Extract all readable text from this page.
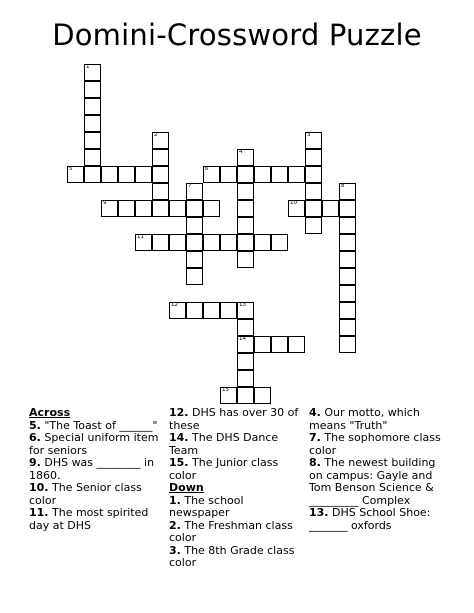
Domini-Crossword Puzzle
1
5
2
9
11
7
4
6
3
10
8
12	13
14
15
Across
5. "The Toast of ______"
6. Special uniform item for seniors
9. DHS was ________ in 1860.
10. The Senior class color
11. The most spirited day at DHS
12. DHS has over 30 of these
14. The DHS Dance Team
15. The Junior class color
Down
1. The school newspaper
2. The Freshman class color
3. The 8th Grade class color
4. Our motto, which means "Truth"
7. The sophomore class color
8. The newest building on campus: Gayle and Tom Benson Science & _________ Complex
13. DHS School Shoe: _______ oxfords
